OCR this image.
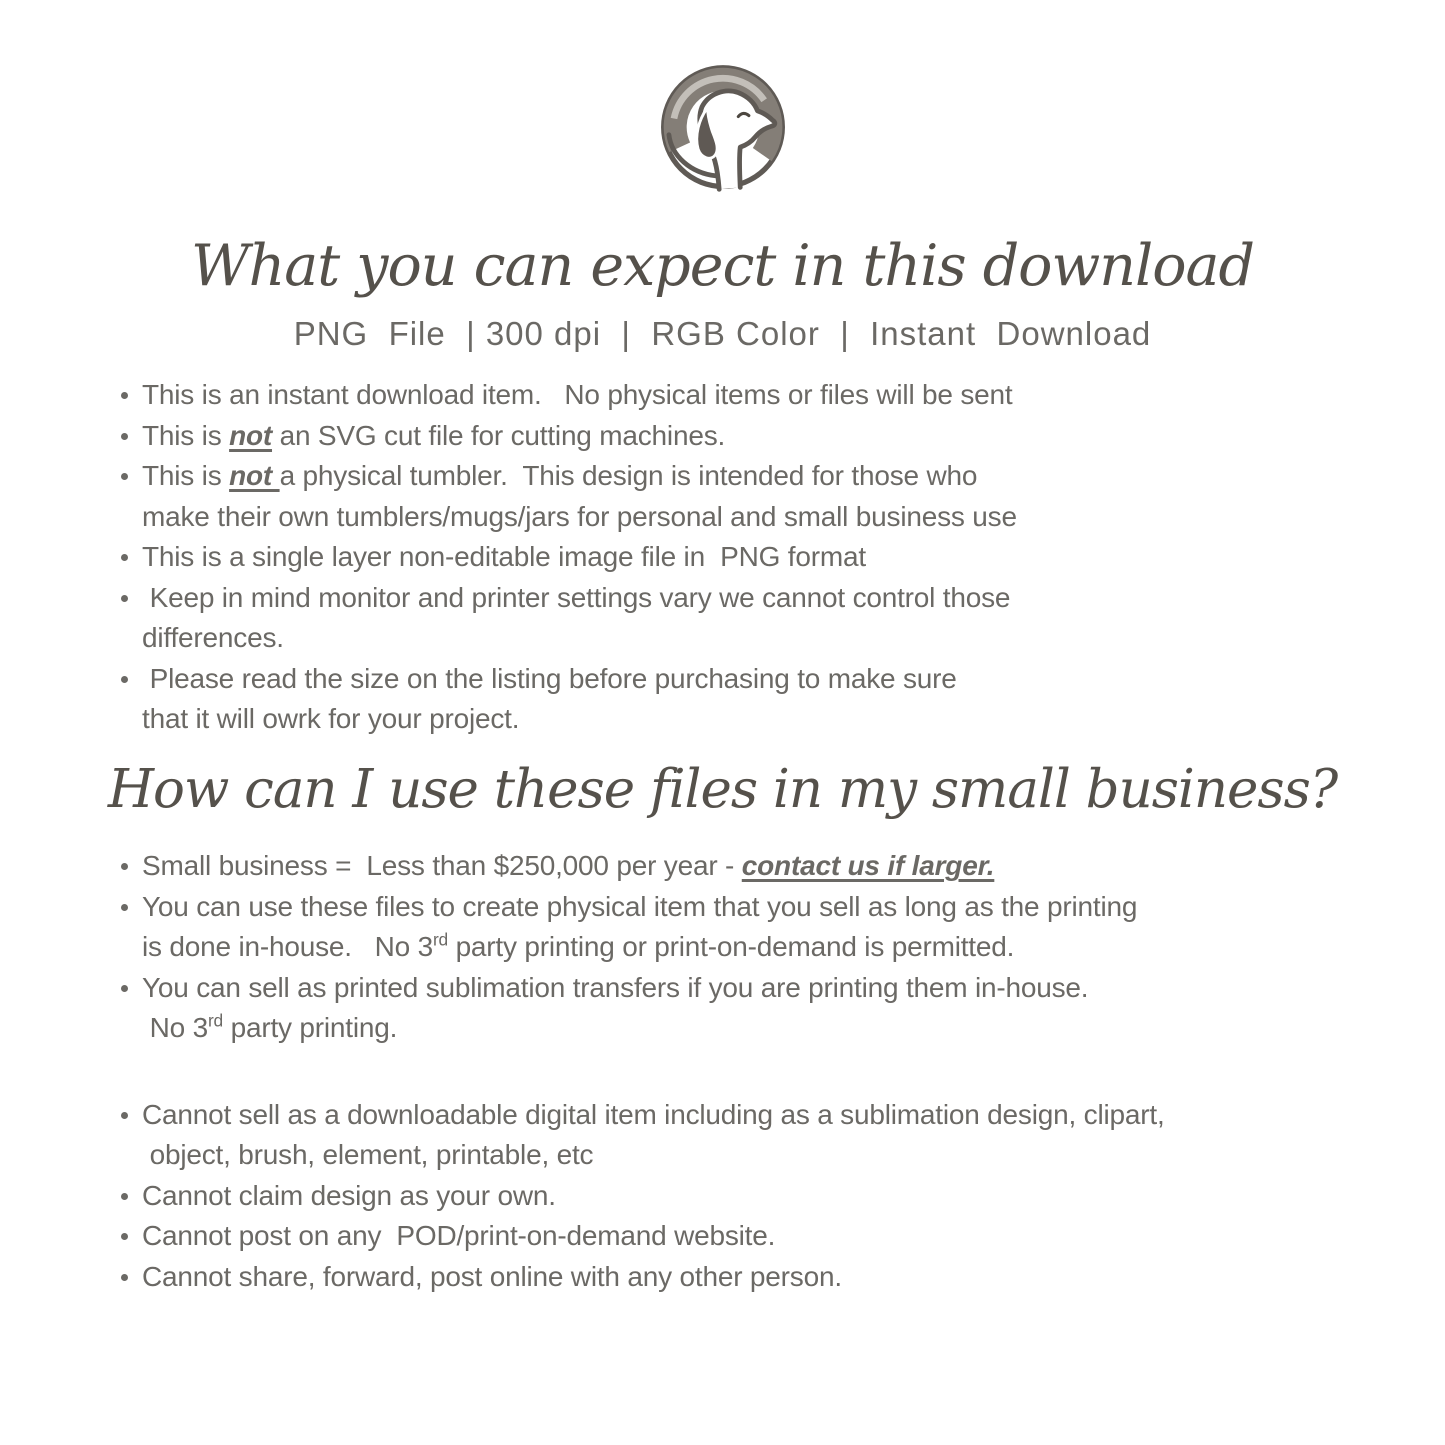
What you can expect in this download
PNG  File  | 300 dpi  |  RGB Color  |  Instant  Download
This is an instant download item.   No physical items or files will be sent
This is not an SVG cut file for cutting machines.
This is not a physical tumbler.  This design is intended for those who
make their own tumblers/mugs/jars for personal and small business use
This is a single layer non-editable image file in  PNG format
Keep in mind monitor and printer settings vary we cannot control those
differences.
Please read the size on the listing before purchasing to make sure
that it will owrk for your project.
How can I use these files in my small business?
Small business =  Less than $250,000 per year - contact us if larger.
You can use these files to create physical item that you sell as long as the printing
is done in-house.   No 3rd party printing or print-on-demand is permitted.
You can sell as printed sublimation transfers if you are printing them in-house.
No 3rd party printing.
Cannot sell as a downloadable digital item including as a sublimation design, clipart,
object, brush, element, printable, etc
Cannot claim design as your own.
Cannot post on any  POD/print-on-demand website.
Cannot share, forward, post online with any other person.
